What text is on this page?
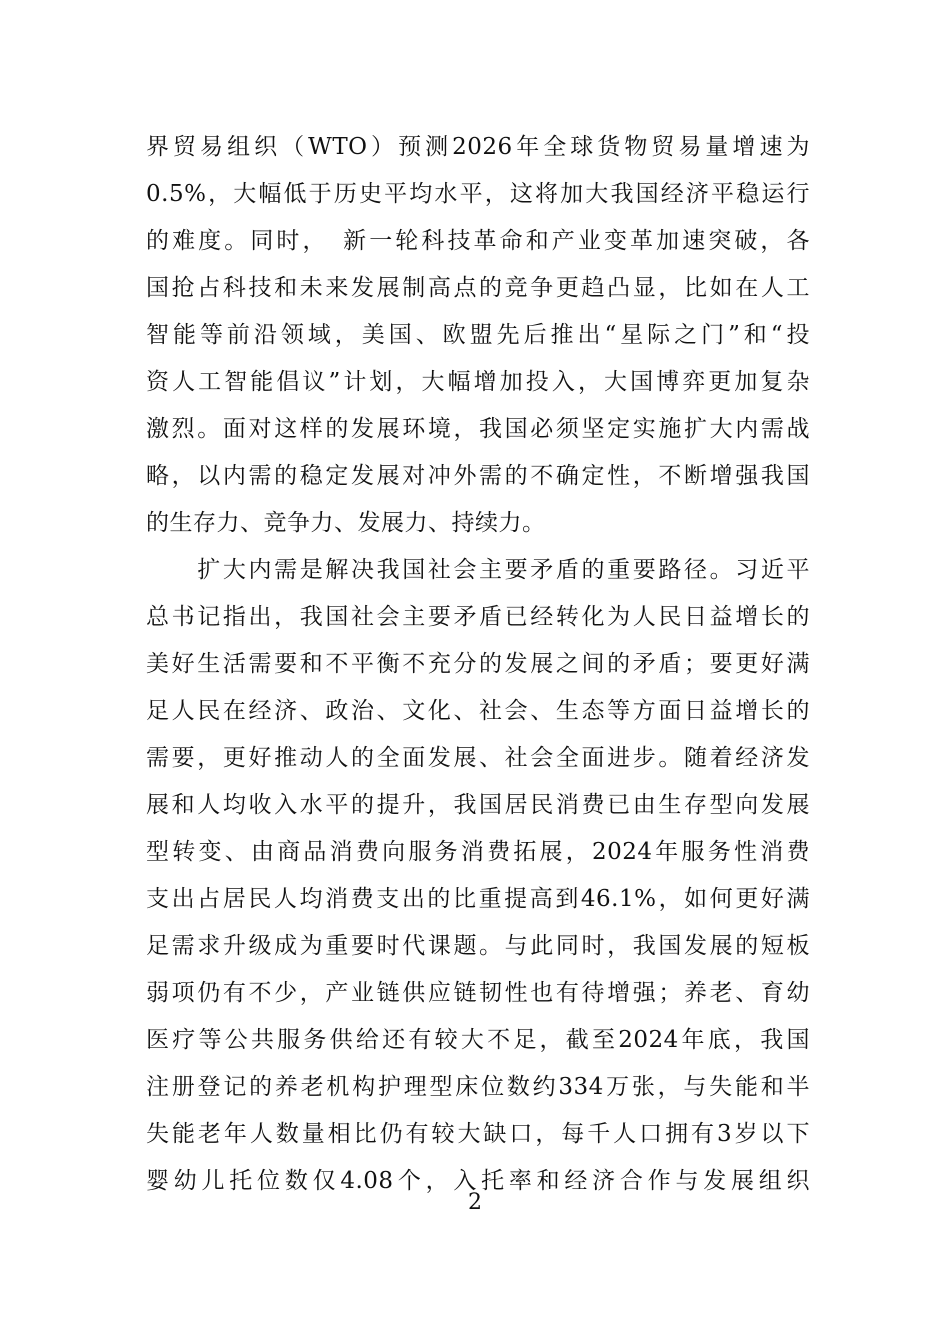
界贸易组织（WTO）预测2026年全球货物贸易量增速为
0.5%，大幅低于历史平均水平，这将加大我国经济平稳运行
的难度。同时，　新一轮科技革命和产业变革加速突破，各
国抢占科技和未来发展制高点的竞争更趋凸显，比如在人工
智能等前沿领域，美国、欧盟先后推出“星际之门”和“投
资人工智能倡议”计划，大幅增加投入，大国博弈更加复杂
激烈。面对这样的发展环境，我国必须坚定实施扩大内需战
略，以内需的稳定发展对冲外需的不确定性，不断增强我国
的生存力、竞争力、发展力、持续力。
　　扩大内需是解决我国社会主要矛盾的重要路径。习近平
总书记指出，我国社会主要矛盾已经转化为人民日益增长的
美好生活需要和不平衡不充分的发展之间的矛盾；要更好满
足人民在经济、政治、文化、社会、生态等方面日益增长的
需要，更好推动人的全面发展、社会全面进步。随着经济发
展和人均收入水平的提升，我国居民消费已由生存型向发展
型转变、由商品消费向服务消费拓展，2024年服务性消费
支出占居民人均消费支出的比重提高到46.1%，如何更好满
足需求升级成为重要时代课题。与此同时，我国发展的短板
弱项仍有不少，产业链供应链韧性也有待增强；养老、育幼
医疗等公共服务供给还有较大不足，截至2024年底，我国
注册登记的养老机构护理型床位数约334万张，与失能和半
失能老年人数量相比仍有较大缺口，每千人口拥有3岁以下
婴幼儿托位数仅4.08个，入托率和经济合作与发展组织
2
